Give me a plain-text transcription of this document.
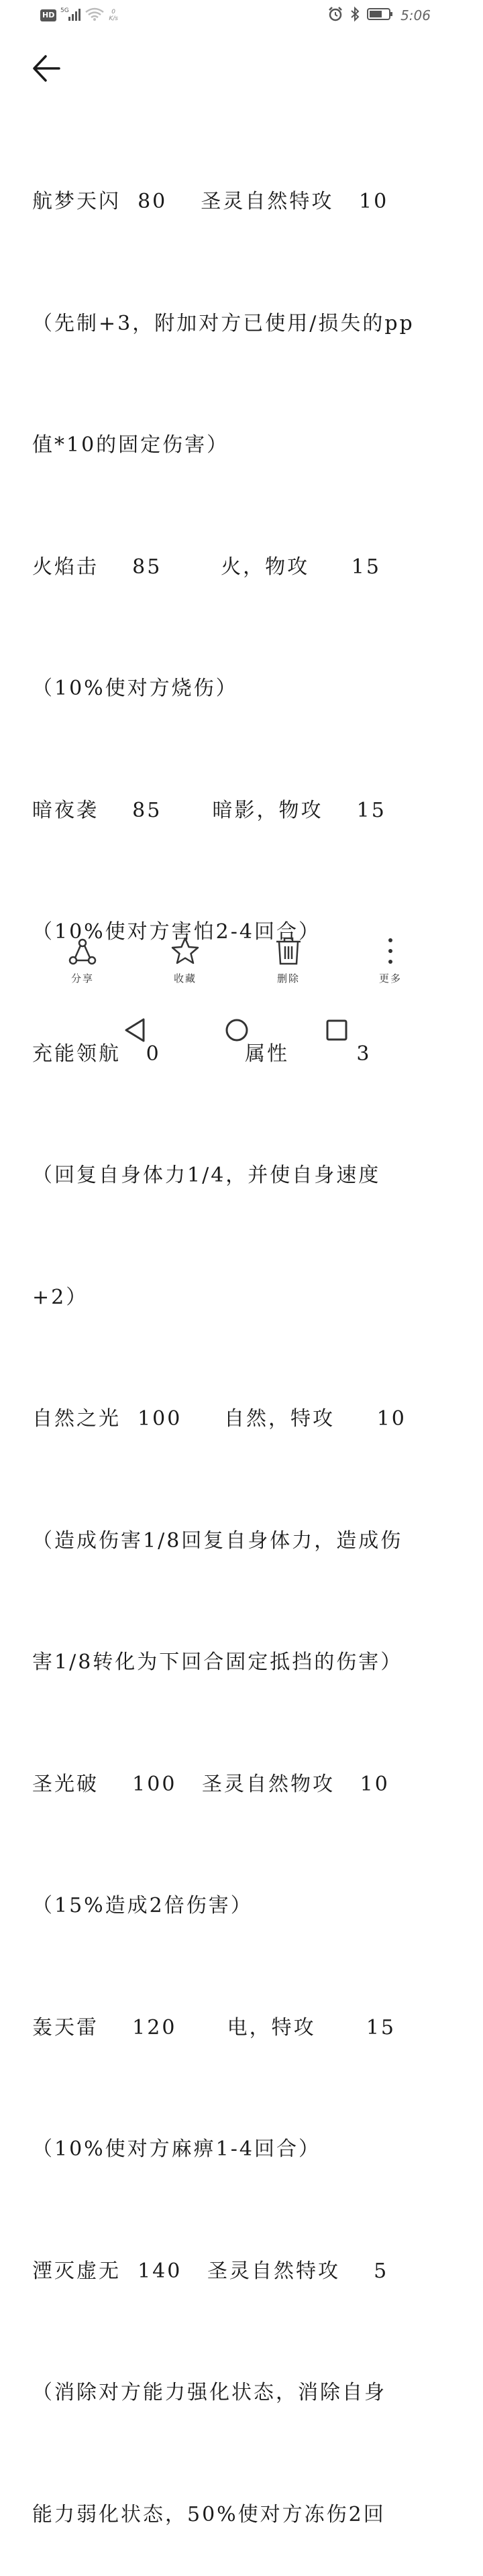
HD	5G	0
K/s	5:06

航梦天闪  80    圣灵自然特攻   10

（先制+3，附加对方已使用/损失的pp

值*10的固定伤害）

火焰击    85       火，物攻     15

（10%使对方烧伤）

暗夜袭    85      暗影，物攻    15

（10%使对方害怕2-4回合）

充能领航   0          属性        3

（回复自身体力1/4，并使自身速度

+2）

自然之光  100     自然，特攻     10

（造成伤害1/8回复自身体力，造成伤

害1/8转化为下回合固定抵挡的伤害）

圣光破    100   圣灵自然物攻   10

（15%造成2倍伤害）

轰天雷    120      电，特攻      15

（10%使对方麻痹1-4回合）

湮灭虚无  140   圣灵自然特攻    5

（消除对方能力强化状态，消除自身

能力弱化状态，50%使对方冻伤2回

分享	收藏	删除	更多
